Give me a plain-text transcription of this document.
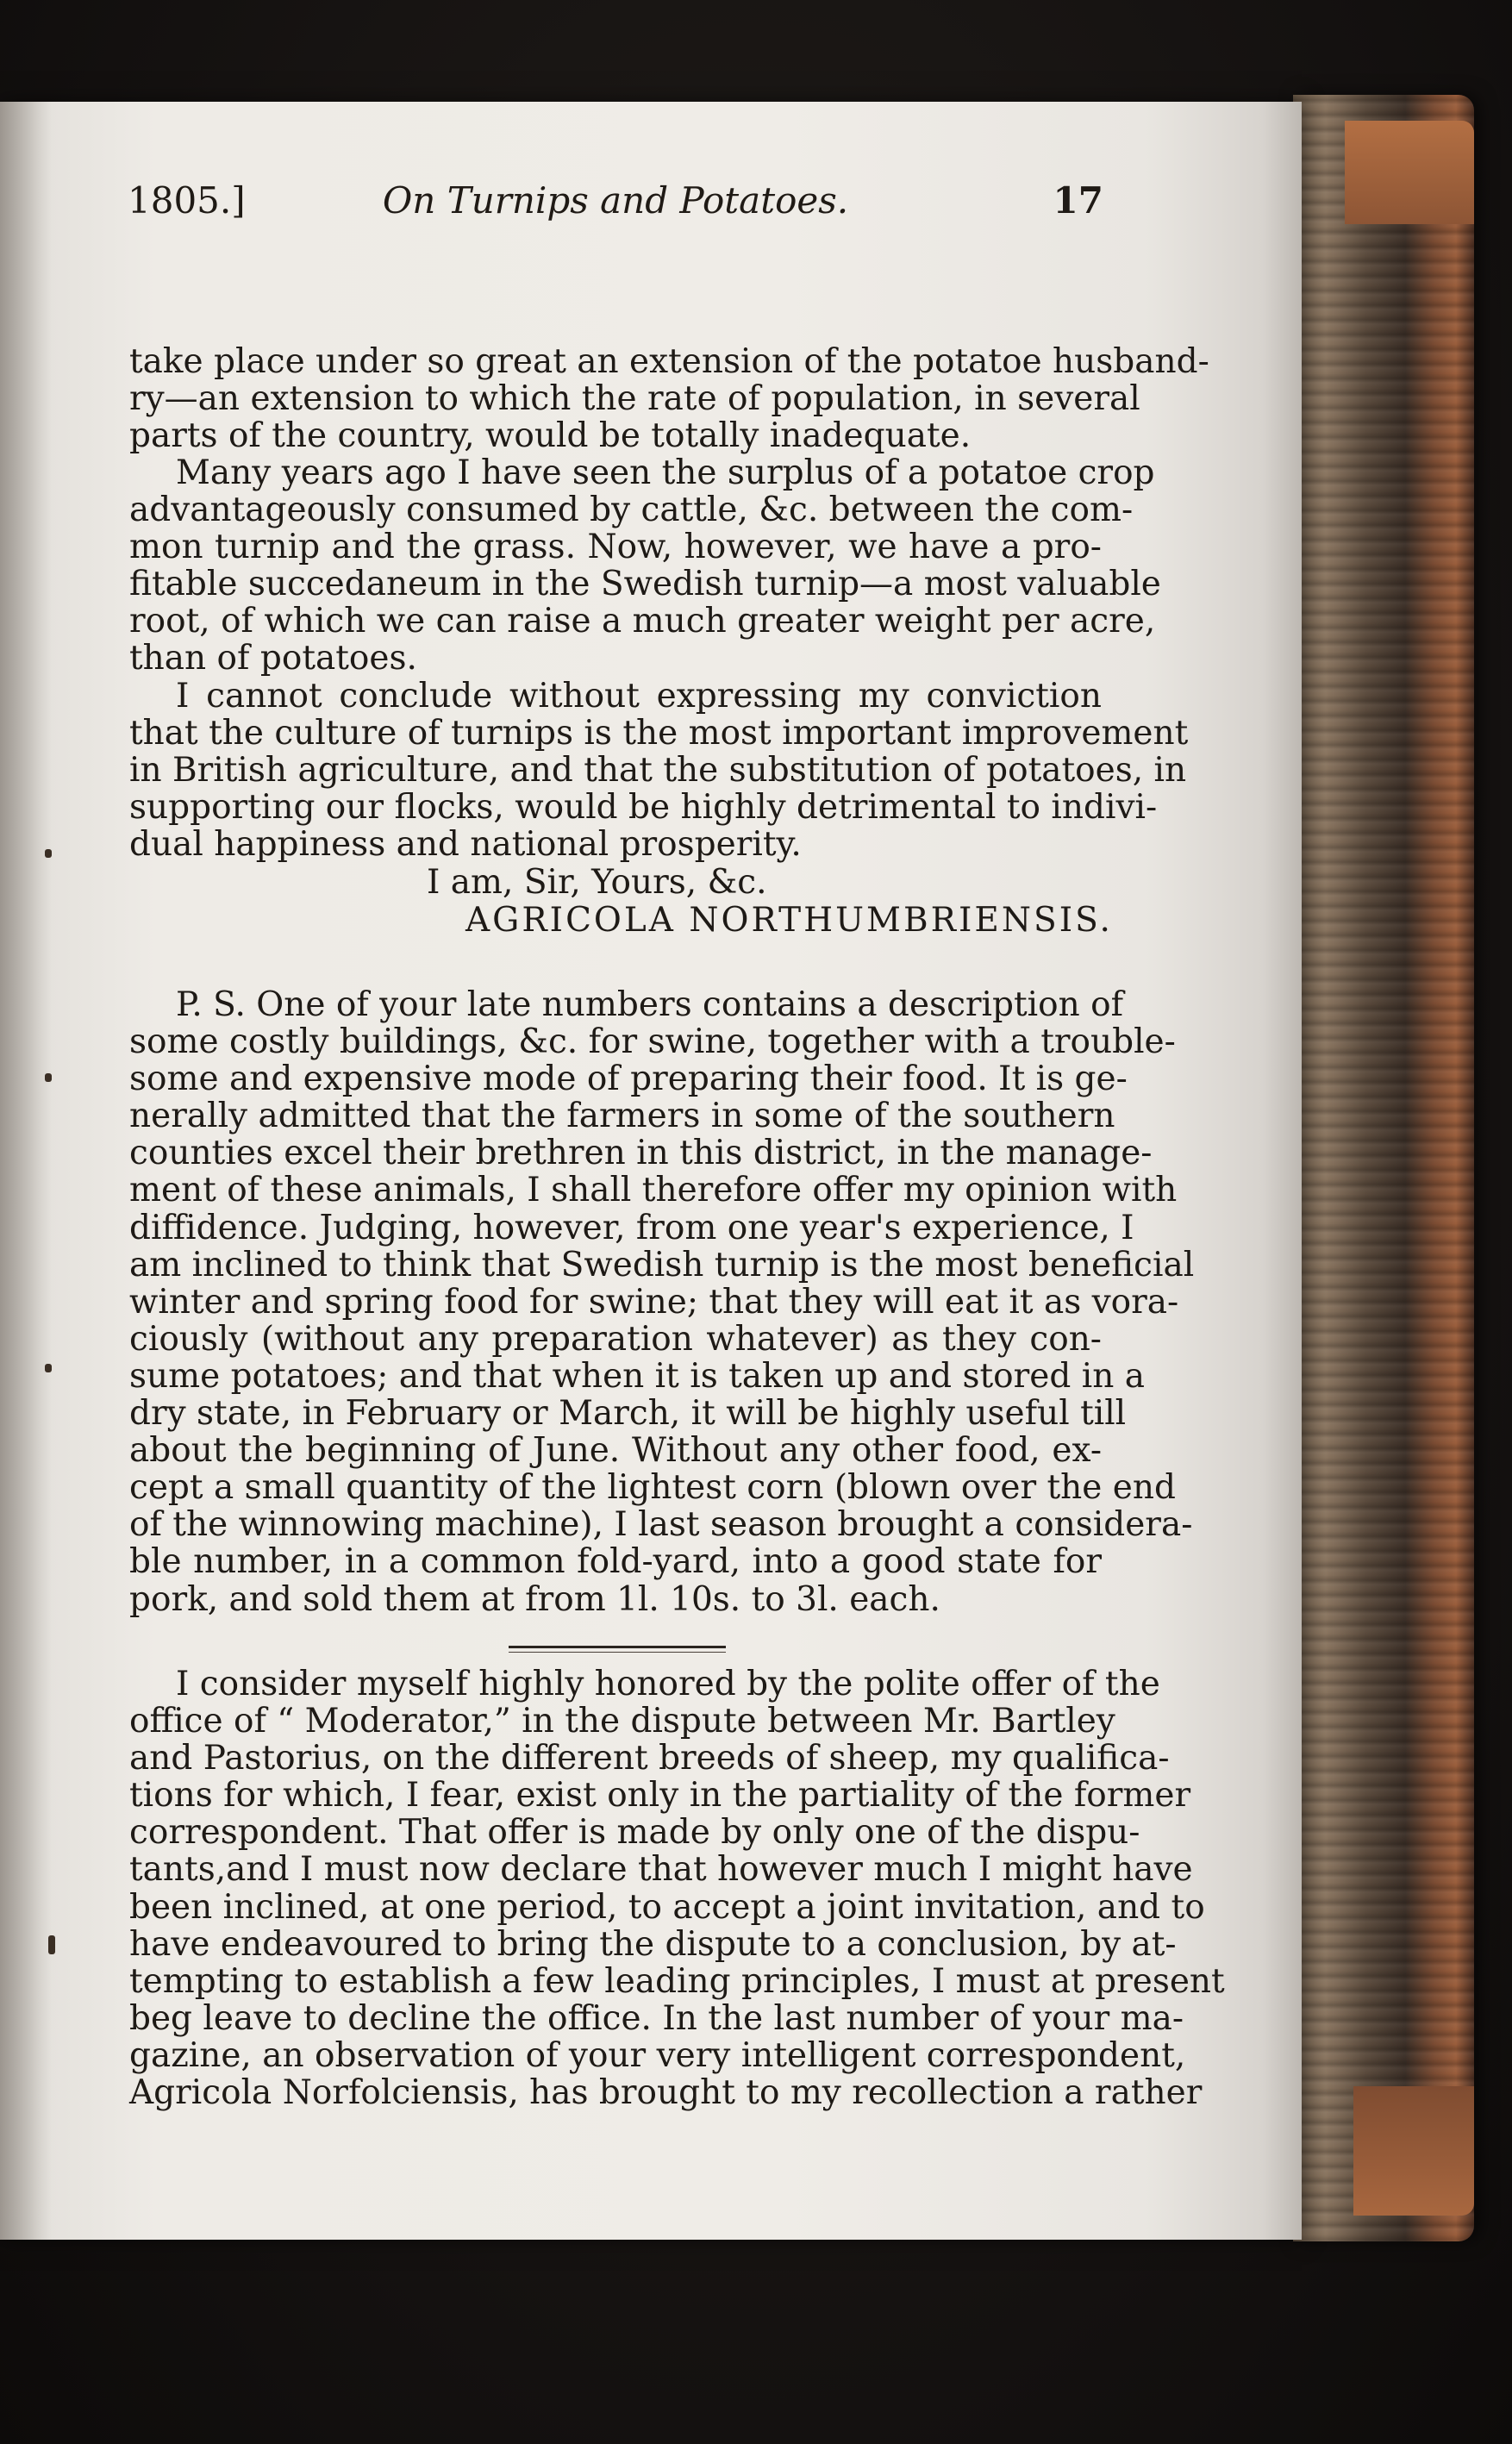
1805.]	On Turnips and Potatoes.	17
take place under so great an extension of the potatoe husband-
ry—an extension to which the rate of population, in several
parts of the country, would be totally inadequate.
Many years ago I have seen the surplus of a potatoe crop
advantageously consumed by cattle, &c. between the com-
mon turnip and the grass. Now, however, we have a pro-
fitable succedaneum in the Swedish turnip—a most valuable
root, of which we can raise a much greater weight per acre,
than of potatoes.
I cannot conclude without expressing my conviction
that the culture of turnips is the most important improvement
in British agriculture, and that the substitution of potatoes, in
supporting our flocks, would be highly detrimental to indivi-
dual happiness and national prosperity.
I am, Sir, Yours, &c.
AGRICOLA NORTHUMBRIENSIS.
P. S. One of your late numbers contains a description of
some costly buildings, &c. for swine, together with a trouble-
some and expensive mode of preparing their food. It is ge-
nerally admitted that the farmers in some of the southern
counties excel their brethren in this district, in the manage-
ment of these animals, I shall therefore offer my opinion with
diffidence. Judging, however, from one year's experience, I
am inclined to think that Swedish turnip is the most beneficial
winter and spring food for swine; that they will eat it as vora-
ciously (without any preparation whatever) as they con-
sume potatoes; and that when it is taken up and stored in a
dry state, in February or March, it will be highly useful till
about the beginning of June. Without any other food, ex-
cept a small quantity of the lightest corn (blown over the end
of the winnowing machine), I last season brought a considera-
ble number, in a common fold-yard, into a good state for
pork, and sold them at from 1l. 10s. to 3l. each.
I consider myself highly honored by the polite offer of the
office of “ Moderator,” in the dispute between Mr. Bartley
and Pastorius, on the different breeds of sheep, my qualifica-
tions for which, I fear, exist only in the partiality of the former
correspondent. That offer is made by only one of the dispu-
tants,and I must now declare that however much I might have
been inclined, at one period, to accept a joint invitation, and to
have endeavoured to bring the dispute to a conclusion, by at-
tempting to establish a few leading principles, I must at present
beg leave to decline the office. In the last number of your ma-
gazine, an observation of your very intelligent correspondent,
Agricola Norfolciensis, has brought to my recollection a rather
